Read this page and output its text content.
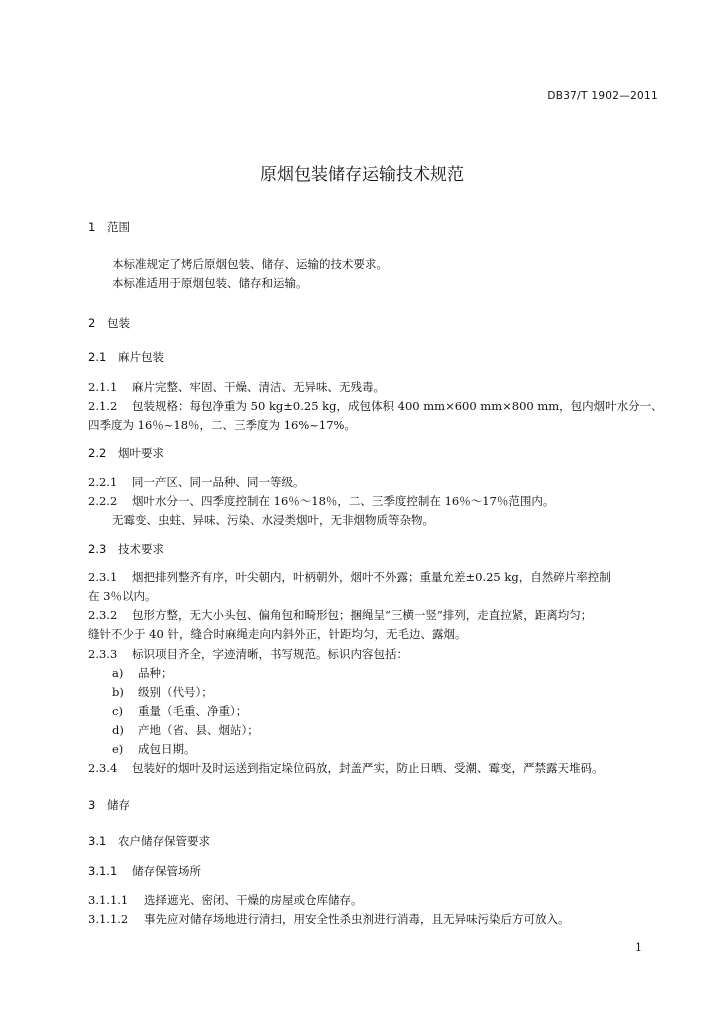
DB37/T 1902—2011
原烟包装储存运输技术规范
1 范围
本标准规定了烤后原烟包装、储存、运输的技术要求。
本标准适用于原烟包装、储存和运输。
2 包装
2.1 麻片包装
2.1.1 麻片完整、牢固、干燥、清洁、无异味、无残毒。
2.1.2 包装规格：每包净重为 50 kg±0.25 kg，成包体积 400 mm×600 mm×800 mm，包内烟叶水分一、
四季度为 16％~18％，二、三季度为 16%~17%。
2.2 烟叶要求
2.2.1 同一产区、同一品种、同一等级。
2.2.2 烟叶水分一、四季度控制在 16％～18％，二、三季度控制在 16％～17％范围内。
无霉变、虫蛀、异味、污染、水浸类烟叶，无非烟物质等杂物。
2.3 技术要求
2.3.1 烟把排列整齐有序，叶尖朝内，叶柄朝外，烟叶不外露；重量允差±0.25 kg，自然碎片率控制
在 3％以内。
2.3.2 包形方整，无大小头包、偏角包和畸形包；捆绳呈“三横一竖”排列，走直拉紧，距离均匀；
缝针不少于 40 针，缝合时麻绳走向内斜外正，针距均匀，无毛边、露烟。
2.3.3 标识项目齐全，字迹清晰，书写规范。标识内容包括：
a) 品种；
b) 级别（代号）；
c) 重量（毛重、净重）；
d) 产地（省、县、烟站）；
e) 成包日期。
2.3.4 包装好的烟叶及时运送到指定垛位码放，封盖严实，防止日晒、受潮、霉变，严禁露天堆码。
3 储存
3.1 农户储存保管要求
3.1.1 储存保管场所
3.1.1.1 选择遮光、密闭、干燥的房屋或仓库储存。
3.1.1.2 事先应对储存场地进行清扫，用安全性杀虫剂进行消毒，且无异味污染后方可放入。
1
